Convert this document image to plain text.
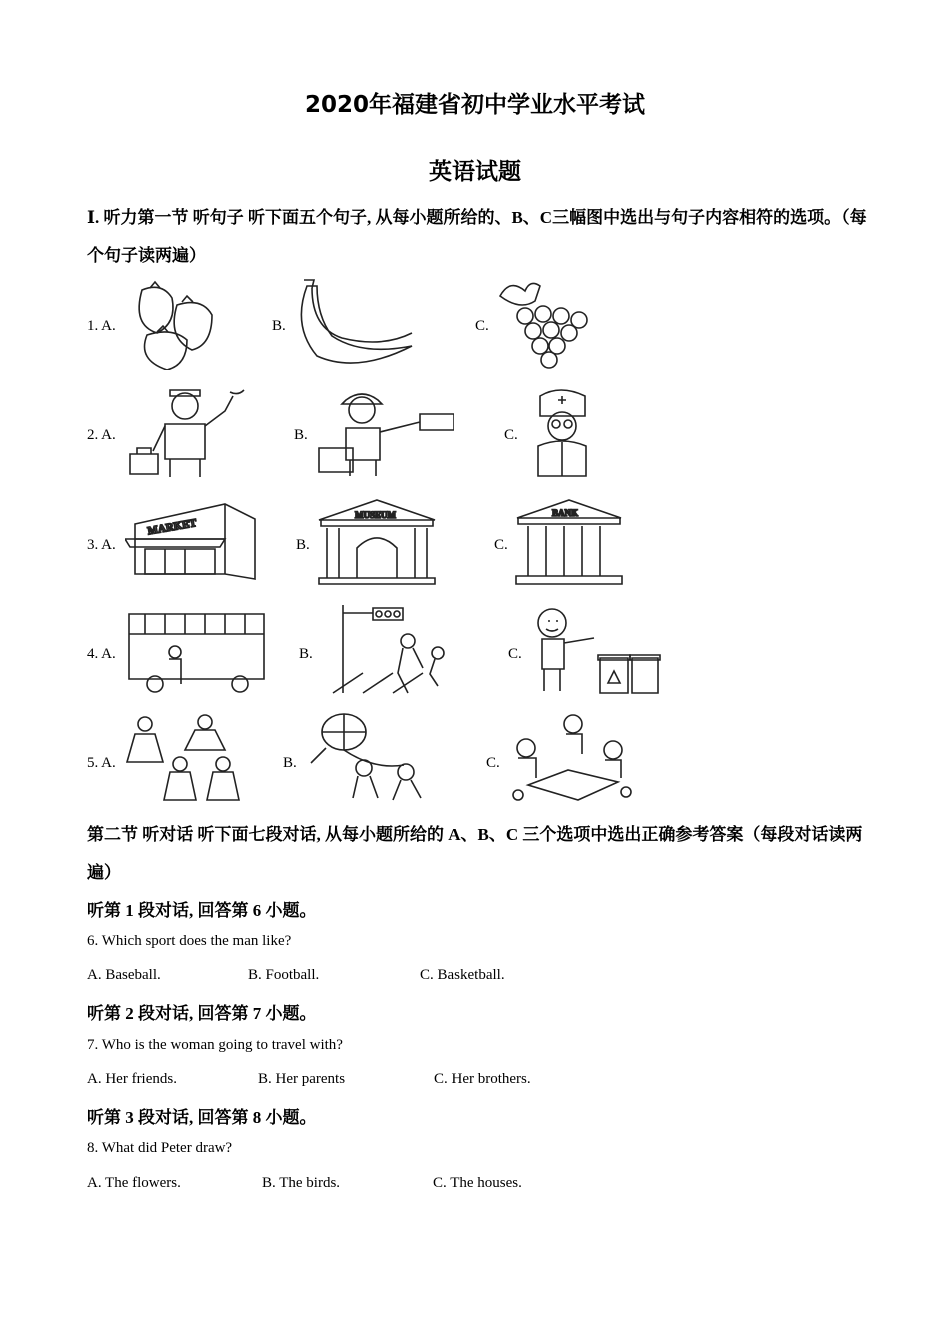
2020年福建省初中学业水平考试
英语试题
Ⅰ. 听力第一节 听句子 听下面五个句子, 从每小题所给的、B、C三幅图中选出与句子内容相符的选项。（每个句子读两遍）
1. A.	B.	C.
2. A.	B.	C.
3. A.
MARKET
B.
MUSEUM
C.
BANK
4. A.	B.	C.
5. A.	B.	C.
第二节 听对话 听下面七段对话, 从每小题所给的 A、B、C 三个选项中选出正确参考答案（每段对话读两遍）
听第 1 段对话, 回答第 6 小题。
6. Which sport does the man like?
A. Baseball.	B. Football.	C. Basketball.
听第 2 段对话, 回答第 7 小题。
7. Who is the woman going to travel with?
A. Her friends.	B. Her parents	C. Her brothers.
听第 3 段对话, 回答第 8 小题。
8. What did Peter draw?
A. The flowers.	B. The birds.	C. The houses.
